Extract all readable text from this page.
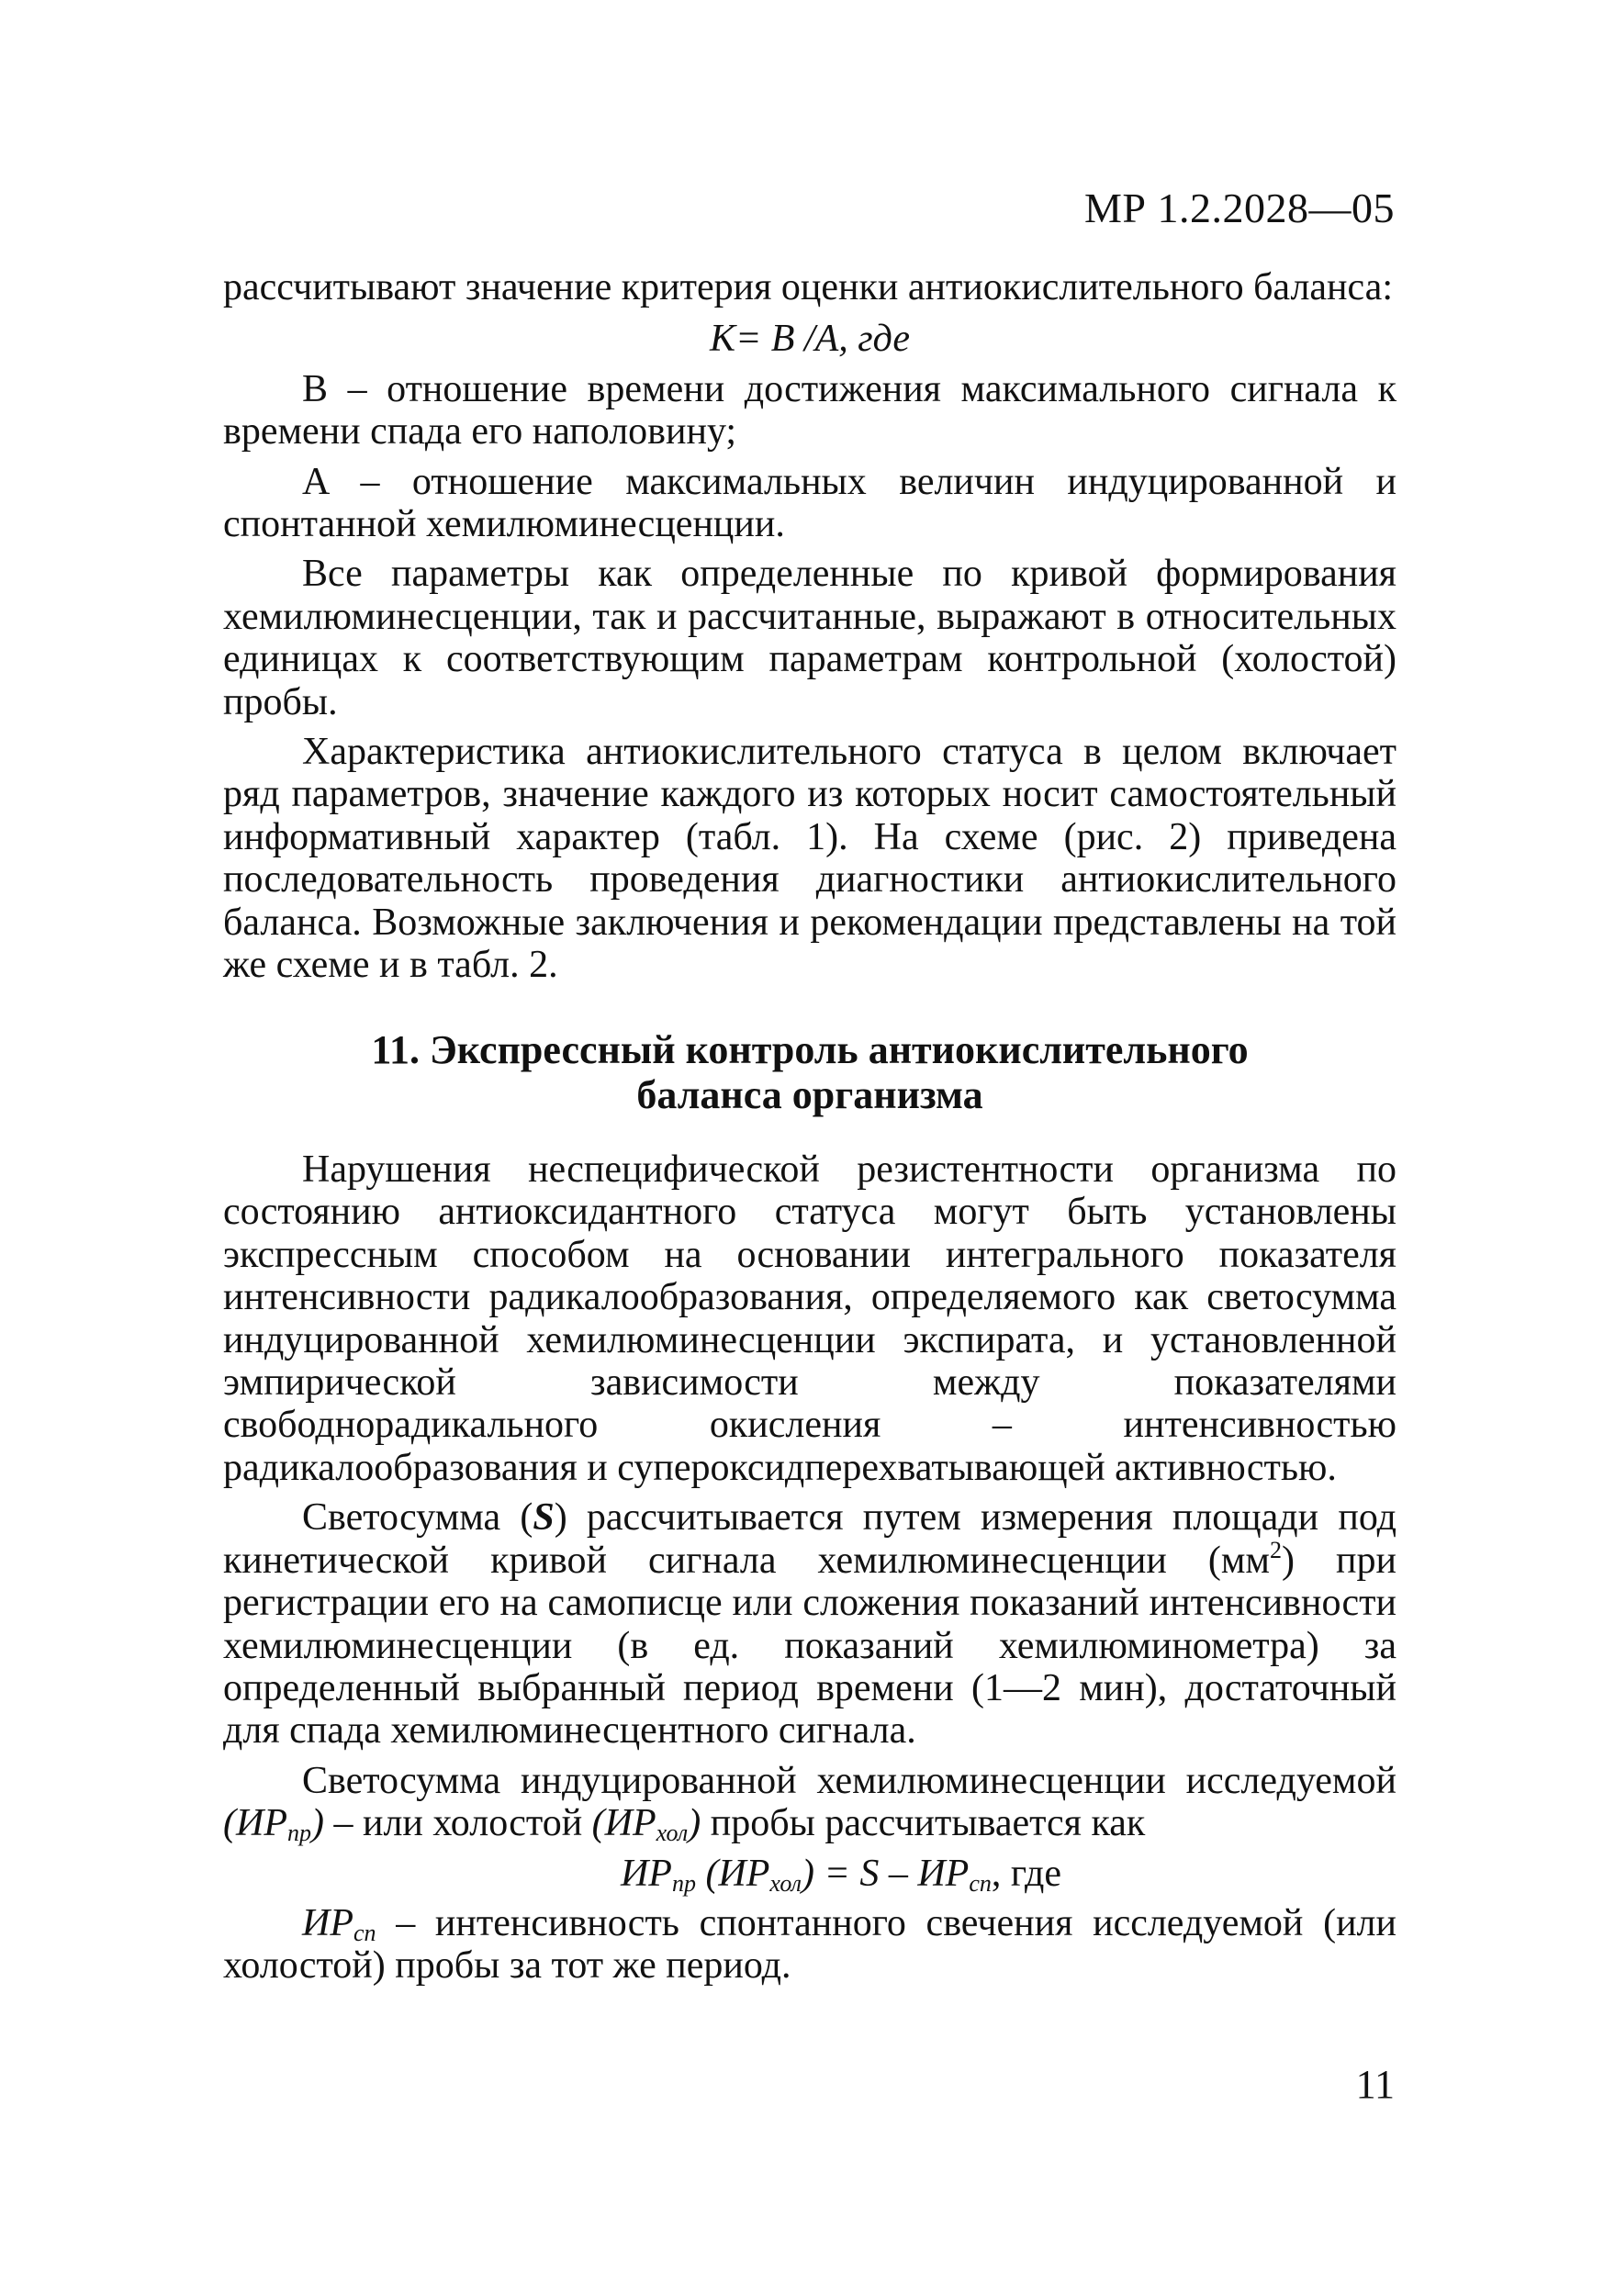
МР 1.2.2028—05

рассчитывают значение критерия оценки антиокислительного баланса:

K= B /A, где

B – отношение времени достижения максимального сигнала к времени спада его наполовину;

A – отношение максимальных величин индуцированной и спонтанной хемилюминесценции.

Все параметры как определенные по кривой формирования хемилюминесценции, так и рассчитанные, выражают в относительных единицах к соответствующим параметрам контрольной (холостой) пробы.

Характеристика антиокислительного статуса в целом включает ряд параметров, значение каждого из которых носит самостоятельный информативный характер (табл. 1). На схеме (рис. 2) приведена последовательность проведения диагностики антиокислительного баланса. Возможные заключения и рекомендации представлены на той же схеме и в табл. 2.

11. Экспрессный контроль антиокислительного
баланса организма

Нарушения неспецифической резистентности организма по состоянию антиоксидантного статуса могут быть установлены экспрессным способом на основании интегрального показателя интенсивности радикалообразования, определяемого как светосумма индуцированной хемилюминесценции экспирата, и установленной эмпирической зависимости между показателями свободнорадикального окисления – интенсивностью радикалообразования и супероксидперехватывающей активностью.

Светосумма (S) рассчитывается путем измерения площади под кинетической кривой сигнала хемилюминесценции $(мм^2)$ при регистрации его на самописце или сложения показаний интенсивности хемилюминесценции (в ед. показаний хемилюминометра) за определенный выбранный период времени (1—2 мин), достаточный для спада хемилюминесцентного сигнала.

Светосумма индуцированной хемилюминесценции исследуемой $(ИР_{пр})$ – или холостой $(ИР_{хол})$ пробы рассчитывается как

$ИР_{пр}$ $(ИР_{хол}) = S - ИР_{сп}$, где

$ИР_{сп}$ – интенсивность спонтанного свечения исследуемой (или холостой) пробы за тот же период.

11
